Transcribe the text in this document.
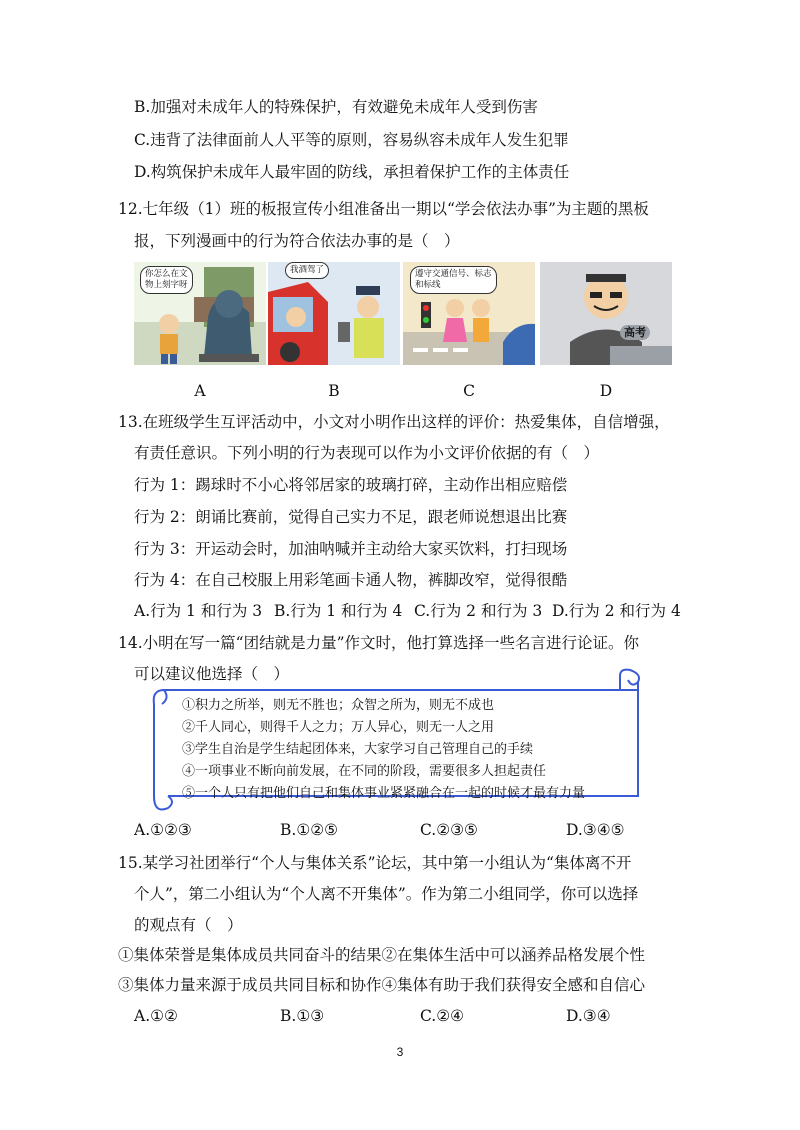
B.加强对未成年人的特殊保护，有效避免未成年人受到伤害
C.违背了法律面前人人平等的原则，容易纵容未成年人发生犯罪
D.构筑保护未成年人最牢固的防线，承担着保护工作的主体责任
12.七年级（1）班的板报宣传小组准备出一期以“学会依法办事”为主题的黑板
报，下列漫画中的行为符合依法办事的是（　）
你怎么在文
物上刻字呀
我酒驾了	遵守交通信号、标志
和标线
高考
A	B	C	D
13.在班级学生互评活动中，小文对小明作出这样的评价：热爱集体，自信增强，
有责任意识。下列小明的行为表现可以作为小文评价依据的有（　）
行为 1：踢球时不小心将邻居家的玻璃打碎，主动作出相应赔偿
行为 2：朗诵比赛前，觉得自己实力不足，跟老师说想退出比赛
行为 3：开运动会时，加油呐喊并主动给大家买饮料，打扫现场
行为 4：在自己校服上用彩笔画卡通人物，裤脚改窄，觉得很酷
A.行为 1 和行为 3 B.行为 1 和行为 4 C.行为 2 和行为 3 D.行为 2 和行为 4
14.小明在写一篇“团结就是力量”作文时，他打算选择一些名言进行论证。你
可以建议他选择（　）
①积力之所举，则无不胜也；众智之所为，则无不成也
②千人同心，则得千人之力；万人异心，则无一人之用
③学生自治是学生结起团体来，大家学习自己管理自己的手续
④一项事业不断向前发展，在不同的阶段，需要很多人担起责任
⑤一个人只有把他们自己和集体事业紧紧融合在一起的时候才最有力量
A.①②③	B.①②⑤	C.②③⑤	D.③④⑤
15.某学习社团举行“个人与集体关系”论坛，其中第一小组认为“集体离不开
个人”，第二小组认为“个人离不开集体”。作为第二小组同学，你可以选择
的观点有（　）
①集体荣誉是集体成员共同奋斗的结果②在集体生活中可以涵养品格发展个性
③集体力量来源于成员共同目标和协作④集体有助于我们获得安全感和自信心
A.①②	B.①③	C.②④	D.③④
3
